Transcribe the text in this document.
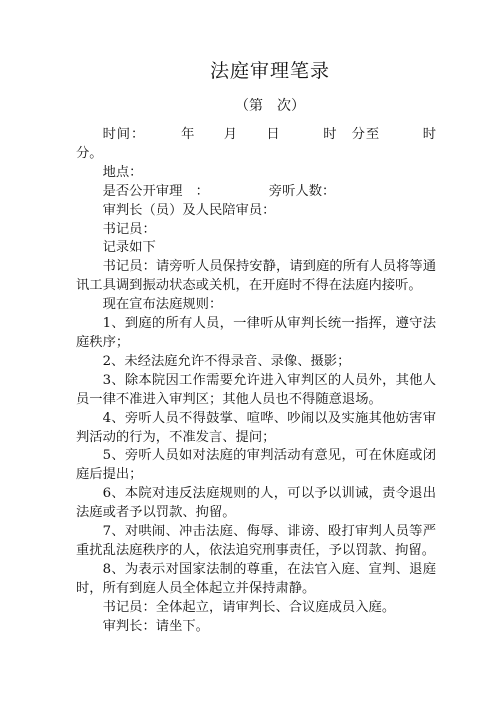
法庭审理笔录
（第　次）

时间：　　　年　　月　　日　　　时　分至　　　时分。

地点：

是否公开审理　：　　　　　旁听人数：

审判长（员）及人民陪审员：

书记员：

记录如下

书记员：请旁听人员保持安静，请到庭的所有人员将等通讯工具调到振动状态或关机，在开庭时不得在法庭内接听。

现在宣布法庭规则：

1、到庭的所有人员，一律听从审判长统一指挥，遵守法庭秩序；

2、未经法庭允许不得录音、录像、摄影；

3、除本院因工作需要允许进入审判区的人员外，其他人员一律不准进入审判区；其他人员也不得随意退场。

4、旁听人员不得鼓掌、喧哗、吵闹以及实施其他妨害审判活动的行为，不准发言、提问；

5、旁听人员如对法庭的审判活动有意见，可在休庭或闭庭后提出；

6、本院对违反法庭规则的人，可以予以训诫，责令退出法庭或者予以罚款、拘留。

7、对哄闹、冲击法庭、侮辱、诽谤、殴打审判人员等严重扰乱法庭秩序的人，依法追究刑事责任，予以罚款、拘留。

8、为表示对国家法制的尊重，在法官入庭、宣判、退庭时，所有到庭人员全体起立并保持肃静。

书记员：全体起立，请审判长、合议庭成员入庭。

审判长：请坐下。
